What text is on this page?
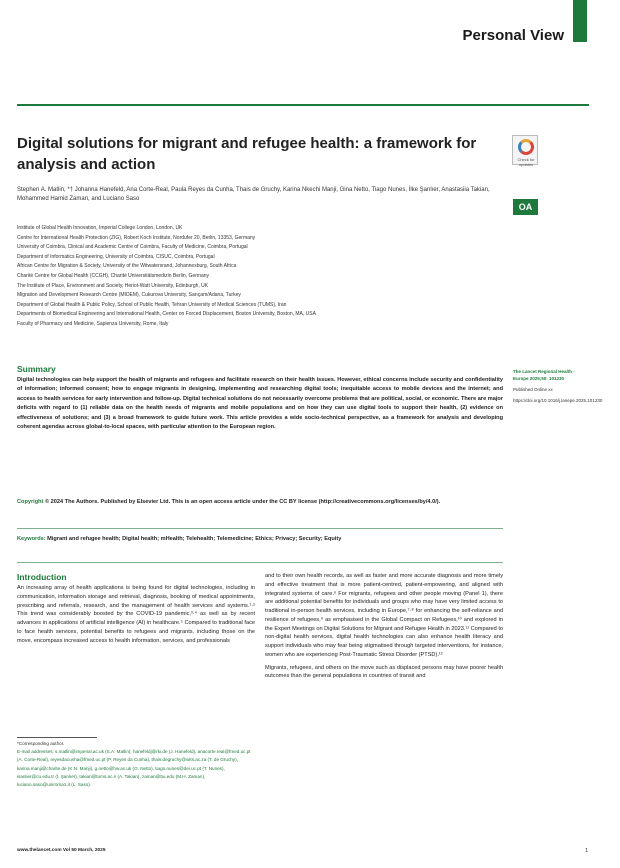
Personal View
Digital solutions for migrant and refugee health: a framework for analysis and action	Check for updates
OA
Stephen A. Matlin, *† Johanna Hanefeld, Ana Corte-Real, Paula Reyes da Cunha, Thais de Gruchy, Karina Nkechi Manji, Gina Netto, Tiago Nunes, İlke Şanlıer, Anastasiia Takian, Mohammed Hamid Zaman, and Luciano Saso
Institute of Global Health Innovation, Imperial College London, London, UK
Centre for International Health Protection (ZIG), Robert Koch Institute, Nordufer 20, Berlin, 13353, Germany
University of Coimbra, Clinical and Academic Centre of Coimbra, Faculty of Medicine, Coimbra, Portugal
Department of Informatics Engineering, University of Coimbra, CISUC, Coimbra, Portugal
African Centre for Migration & Society, University of the Witwatersrand, Johannesburg, South Africa
Charité Centre for Global Health (CCGH), Charité Universitätsmedizin Berlin, Germany
The Institute of Place, Environment and Society, Heriot-Watt University, Edinburgh, UK
Migration and Development Research Centre (MIDEM), Cukurova University, Sarıçam/Adana, Turkey
Department of Global Health & Public Policy, School of Public Health, Tehran University of Medical Sciences (TUMS), Iran
Departments of Biomedical Engineering and International Health, Center on Forced Displacement, Boston University, Boston, MA, USA
Faculty of Pharmacy and Medicine, Sapienza University, Rome, Italy
The Lancet Regional Health - Europe 2025;50: 101230
Published Online xx
https://doi.org/10.1016/j.lanepe.2025.101230
Summary

Digital technologies can help support the health of migrants and refugees and facilitate research on their health issues. However, ethical concerns include security and confidentiality of information; informed consent; how to engage migrants in designing, implementing and researching digital tools; inequitable access to mobile devices and the internet; and access to health services for early intervention and follow-up. Digital technical solutions do not necessarily overcome problems that are political, social, or economic. There are major deficits with regard to (1) reliable data on the health needs of migrants and mobile populations and on how they can use digital tools to support their health, (2) evidence on effectiveness of solutions; and (3) a broad framework to guide future work. This article provides a wide socio-technical perspective, as a framework for analysis and developing coherent agendas across global-to-local spaces, with particular attention to the European region.

Copyright © 2024 The Authors. Published by Elsevier Ltd. This is an open access article under the CC BY license (http://creativecommons.org/licenses/by/4.0/).

Keywords: Migrant and refugee health; Digital health; mHealth; Telehealth; Telemedicine; Ethics; Privacy; Security; Equity

Introduction

An increasing array of health applications is being found for digital technologies, including in communication, information storage and retrieval, diagnosis, booking of medical appointments, prescribing and referrals, research, and the management of health services and systems.¹·² This trend was considerably boosted by the COVID-19 pandemic,³·⁴ as well as by recent advances in applications of artificial intelligence (AI) in healthcare.⁵ Compared to traditional face to face health services, potential benefits to refugees and migrants, including those on the move, encompass increased access to health information, services, and professionals

and to their own health records, as well as faster and more accurate diagnosis and more timely and effective treatment that is more patient-centred, patient-empowering, and aligned with integrated systems of care.⁶ For migrants, refugees and other people moving (Panel 1), there are additional potential benefits for individuals and groups who may have very limited access to traditional in-person health services, including in Europe,⁷·⁸ for enhancing the self-reliance and resilience of refugees,⁹ as emphasised in the Global Compact on Refugees,¹⁰ and explored in the Expert Meetings on Digital Solutions for Migrant and Refugee Health in 2023.¹¹ Compared to non-digital health services, digital health technologies can also enhance health literacy and support individuals who may fear being stigmatised through targeted interventions, for instance, women who are experiencing Post-Traumatic Stress Disorder (PTSD).¹²

Migrants, refugees, and others on the move such as displaced persons may have poorer health outcomes than the general populations in countries of transit and

*Corresponding author.
E-mail addresses: s.matlin@imperial.ac.uk (S.A. Matlin), hanefeldj@rki.de (J. Hanefeld), anacorte.real@fmed.uc.pt (A. Corte-Real), reyesdacunha@fmed.uc.pt (P. Reyes da Cunha), thais.degruchy@wits.ac.za (T. de Gruchy), karina.manji@charite.de (K.N. Manji), g.netto@hw.ac.uk (G. Netto), tiago.nunes@dei.uc.pt (T. Nunes), isanlier@cu.edu.tr (İ. Şanlıer), takian@tums.ac.ir (A. Takian), zaman@bu.edu (M.H. Zaman), luciano.saso@uniroma1.it (L. Saso).
www.thelancet.com Vol 50 March, 2025	1
